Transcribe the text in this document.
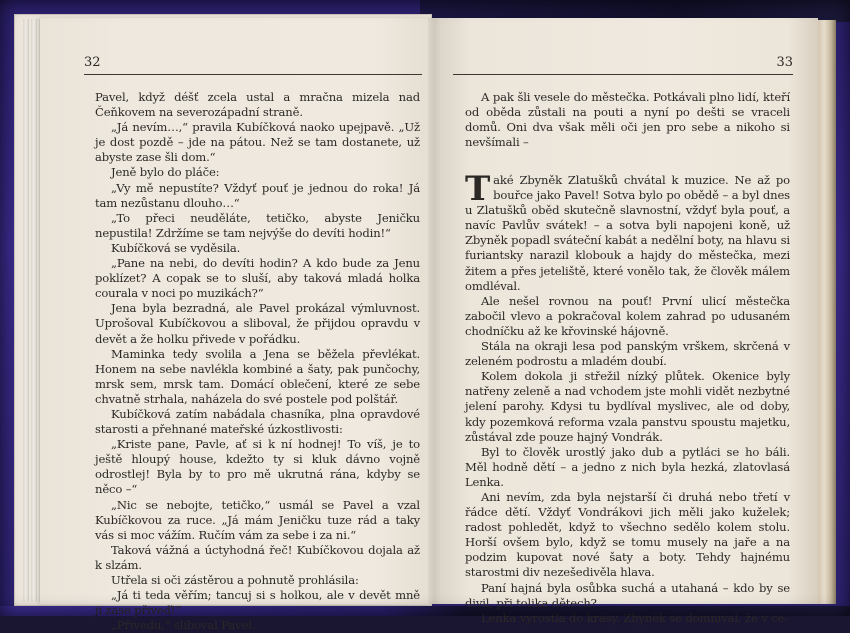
32	33

Pavel, když déšť zcela ustal a mračna mizela nad Čeňkovem na severozápadní straně.

„Já nevím…,“ pravila Kubíčková naoko upejpavě. „Už je dost pozdě – jde na pátou. Než se tam dostanete, už abyste zase šli dom.“

Jeně bylo do pláče:

„Vy mě nepustíte? Vždyť pouť je jednou do roka! Já tam nezůstanu dlouho…“

„To přeci neuděláte, tetičko, abyste Jeničku nepustila! Zdržíme se tam nejvýše do devíti hodin!“

Kubíčková se vyděsila.

„Pane na nebi, do devíti hodin? A kdo bude za Jenu poklízet? A copak se to sluší, aby taková mladá holka courala v noci po muzikách?“

Jena byla bezradná, ale Pavel prokázal výmluvnost. Uprošoval Kubíčkovou a sliboval, že přijdou opravdu v devět a že holku přivede v pořádku.

Maminka tedy svolila a Jena se běžela převlékat. Honem na sebe navlékla kombiné a šaty, pak punčochy, mrsk sem, mrsk tam. Domácí oblečení, které ze sebe chvatně strhala, naházela do své postele pod polštář.

Kubíčková zatím nabádala chasníka, plna opravdové starosti a přehnané mateřské úzkostlivosti:

„Kriste pane, Pavle, ať si k ní hodnej! To víš, je to ještě hloupý house, kdežto ty si kluk dávno vojně odrostlej! Byla by to pro mě ukrutná rána, kdyby se něco –“

„Nic se nebojte, tetičko,“ usmál se Pavel a vzal Kubíčkovou za ruce. „Já mám Jeničku tuze rád a taky vás si moc vážím. Ručím vám za sebe i za ni.“

Taková vážná a úctyhodná řeč! Kubíčkovou dojala až k slzám.

Utřela si oči zástěrou a pohnutě prohlásila:

„Já ti teda věřím; tancuj si s holkou, ale v devět mně ji zase přiveď!“

„Přivedu,“ sliboval Pavel.

A pak šli vesele do městečka. Potkávali plno lidí, kteří od oběda zůstali na pouti a nyní po dešti se vraceli domů. Oni dva však měli oči jen pro sebe a nikoho si nevšímali –

Také Zbyněk Zlatušků chvátal k muzice. Ne až po bouřce jako Pavel! Sotva bylo po obědě – a byl dnes u Zlatušků oběd skutečně slavnostní, vždyť byla pouť, a navíc Pavlův svátek! – a sotva byli napojeni koně, už Zbyněk popadl sváteční kabát a nedělní boty, na hlavu si furiantsky narazil klobouk a hajdy do městečka, mezi žitem a přes jeteliště, které vonělo tak, že člověk málem omdléval.

Ale nešel rovnou na pouť! První ulicí městečka zabočil vlevo a pokračoval kolem zahrad po udusaném chodníčku až ke křovinské hájovně.

Stála na okraji lesa pod panským vrškem, skrčená v zeleném podrostu a mladém doubí.

Kolem dokola ji střežil nízký plůtek. Okenice byly natřeny zeleně a nad vchodem jste mohli vidět nezbytné jelení parohy. Kdysi tu bydlíval myslivec, ale od doby, kdy pozemková reforma vzala panstvu spoustu majetku, zůstával zde pouze hajný Vondrák.

Byl to člověk urostlý jako dub a pytláci se ho báli. Měl hodně dětí – a jedno z nich byla hezká, zlatovlasá Lenka.

Ani nevím, zda byla nejstarší či druhá nebo třetí v řádce dětí. Vždyť Vondrákovi jich měli jako kuželek; radost pohledět, když to všechno sedělo kolem stolu. Horší ovšem bylo, když se tomu musely na jaře a na podzim kupovat nové šaty a boty. Tehdy hajnému starostmi div nezešedivěla hlava.

Paní hajná byla osůbka suchá a utahaná – kdo by se divil, při tolika dětech?

Lenka vyrostla do krásy. Zbyněk se domníval, že v ce-
